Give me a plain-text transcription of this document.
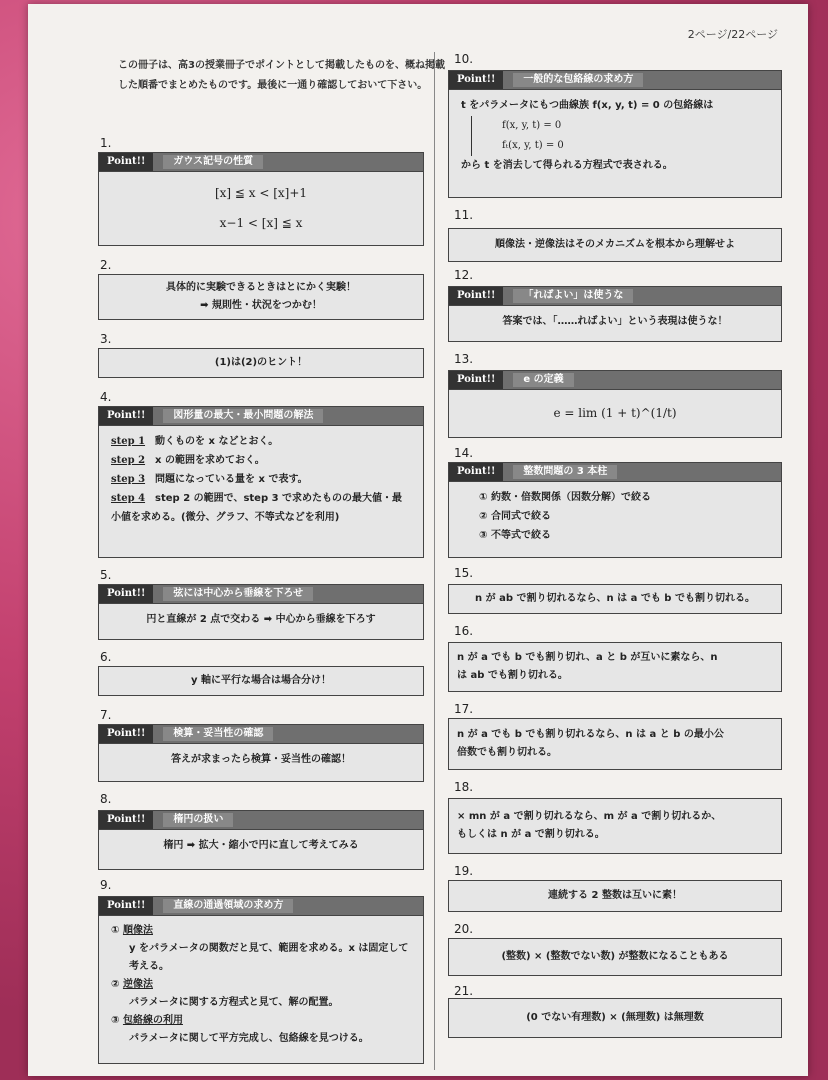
2ページ/22ページ
この冊子は、高3の授業冊子でポイントとして掲載したものを、概ね掲載した順番でまとめたものです。最後に一通り確認しておいて下さい。
1.
Point!!	ガウス記号の性質
[x] ≦ x < [x]+1
x−1 < [x] ≦ x
2.
具体的に実験できるときはとにかく実験！
➡ 規則性・状況をつかむ！
3.
(1)は(2)のヒント！
4.
Point!!	図形量の最大・最小問題の解法
step 1 動くものを x などとおく。
step 2 x の範囲を求めておく。
step 3 問題になっている量を x で表す。
step 4 step 2 の範囲で、step 3 で求めたものの最大値・最小値を求める。(微分、グラフ、不等式などを利用)
5.
Point!!	弦には中心から垂線を下ろせ
円と直線が 2 点で交わる ➡ 中心から垂線を下ろす
6.
y 軸に平行な場合は場合分け！
7.
Point!!	検算・妥当性の確認
答えが求まったら検算・妥当性の確認！
8.
Point!!	楕円の扱い
楕円 ➡ 拡大・縮小で円に直して考えてみる
9.
Point!!	直線の通過領域の求め方
① 順像法
y をパラメータの関数だと見て、範囲を求める。x は固定して考える。
② 逆像法
パラメータに関する方程式と見て、解の配置。
③ 包絡線の利用
パラメータに関して平方完成し、包絡線を見つける。
10.
Point!!	一般的な包絡線の求め方
t をパラメータにもつ曲線族 f(x, y, t) = 0 の包絡線は
f(x, y, t) = 0
fₜ(x, y, t) = 0
から t を消去して得られる方程式で表される。
11.
順像法・逆像法はそのメカニズムを根本から理解せよ
12.
Point!!	「ればよい」は使うな
答案では、「……ればよい」という表現は使うな！
13.
Point!!	e の定義
e = lim (1 + t)^(1/t)
14.
Point!!	整数問題の 3 本柱
① 約数・倍数関係（因数分解）で絞る
② 合同式で絞る
③ 不等式で絞る
15.
n が ab で割り切れるなら、n は a でも b でも割り切れる。
16.
n が a でも b でも割り切れ、a と b が互いに素なら、n
は ab でも割り切れる。
17.
n が a でも b でも割り切れるなら、n は a と b の最小公
倍数でも割り切れる。
18.
× mn が a で割り切れるなら、m が a で割り切れるか、
もしくは n が a で割り切れる。
19.
連続する 2 整数は互いに素！
20.
(整数) × (整数でない数) が整数になることもある
21.
(0 でない有理数) × (無理数) は無理数
